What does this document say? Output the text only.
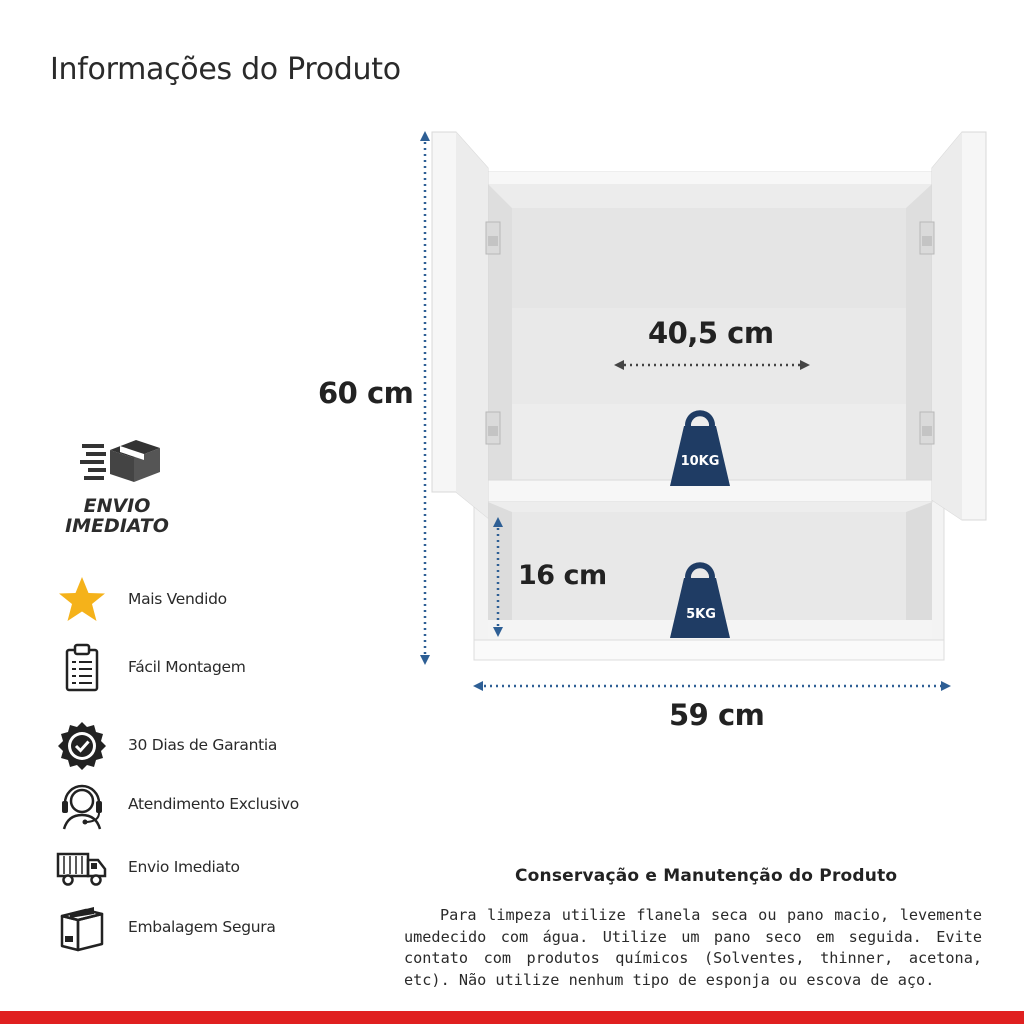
Informações do Produto
10KG
5KG
60 cm
40,5 cm
16 cm
59 cm
ENVIO
IMEDIATO
Mais Vendido
Fácil Montagem
30 Dias de Garantia
Atendimento Exclusivo
Envio Imediato
Embalagem Segura
Conservação e Manutenção do Produto
Para limpeza utilize flanela seca ou pano macio, levemente umedecido com água. Utilize um pano seco em seguida. Evite contato com produtos químicos (Solventes, thinner, acetona, etc). Não utilize nenhum tipo de esponja ou escova de aço.
